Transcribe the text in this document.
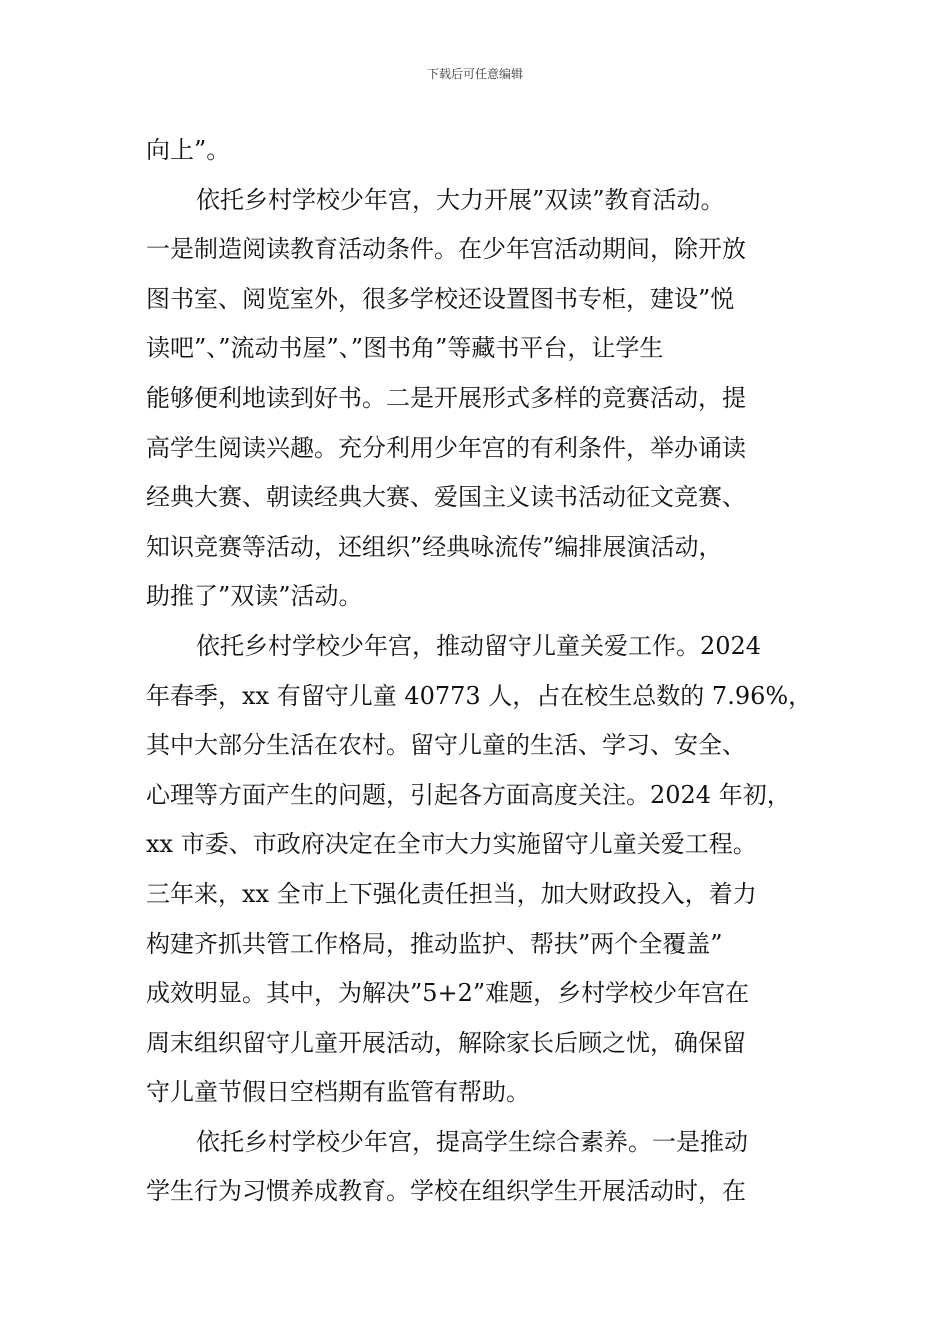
下载后可任意编辑
向上”。
依托乡村学校少年宫，大力开展”双读”教育活动。
一是制造阅读教育活动条件。在少年宫活动期间，除开放
图书室、阅览室外，很多学校还设置图书专柜，建设”悦
读吧”、”流动书屋”、”图书角”等藏书平台，让学生
能够便利地读到好书。二是开展形式多样的竞赛活动，提
高学生阅读兴趣。充分利用少年宫的有利条件，举办诵读
经典大赛、朝读经典大赛、爱国主义读书活动征文竞赛、
知识竞赛等活动，还组织”经典咏流传”编排展演活动，
助推了”双读”活动。
依托乡村学校少年宫，推动留守儿童关爱工作。2024
年春季，xx 有留守儿童 40773 人，占在校生总数的 7.96%，
其中大部分生活在农村。留守儿童的生活、学习、安全、
心理等方面产生的问题，引起各方面高度关注。2024 年初，
xx 市委、市政府决定在全市大力实施留守儿童关爱工程。
三年来，xx 全市上下强化责任担当，加大财政投入，着力
构建齐抓共管工作格局，推动监护、帮扶”两个全覆盖”
成效明显。其中，为解决”5+2”难题，乡村学校少年宫在
周末组织留守儿童开展活动，解除家长后顾之忧，确保留
守儿童节假日空档期有监管有帮助。
依托乡村学校少年宫，提高学生综合素养。一是推动
学生行为习惯养成教育。学校在组织学生开展活动时，在
